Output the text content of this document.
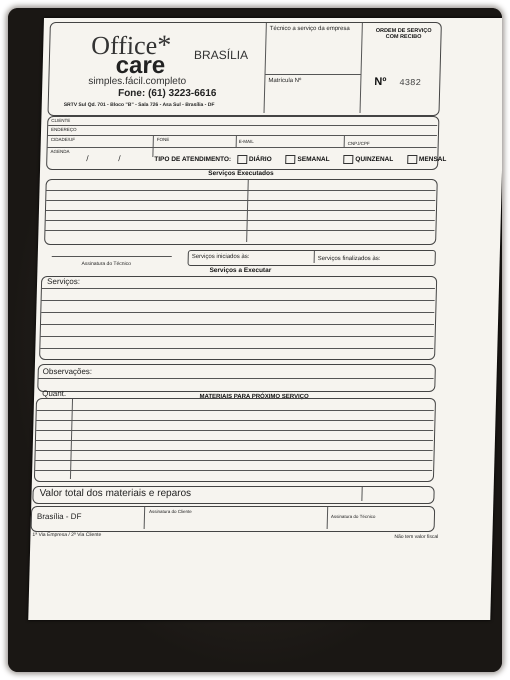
Office* BRASÍLIA
care
simples.fácil.completo
Fone: (61) 3223-6616
SRTV Sul Qd. 701 - Bloco "B" - Sala 726 - Asa Sul - Brasília - DF
Técnico a serviço da empresa
Matrícula Nº
ORDEM DE SERVIÇO COM RECIBO
Nº 4382
CLIENTE
ENDEREÇO
CIDADE/UF	FONE	E-MAIL	CNPJ/CPF
AGENDA
/	/	TIPO DE ATENDIMENTO:	DIÁRIO	SEMANAL	QUINZENAL	MENSAL
Serviços Executados
Assinatura do Técnico
Serviços iniciados às:	Serviços finalizados às:
Serviços a Executar
Serviços:
Observações:
Quant.	MATERIAIS PARA PRÓXIMO SERVIÇO
Valor total dos materiais e reparos
Brasília - DF
Assinatura do Cliente
Assinatura do Técnico
1ª Via Empresa / 2ª Via Cliente	Não tem valor fiscal
